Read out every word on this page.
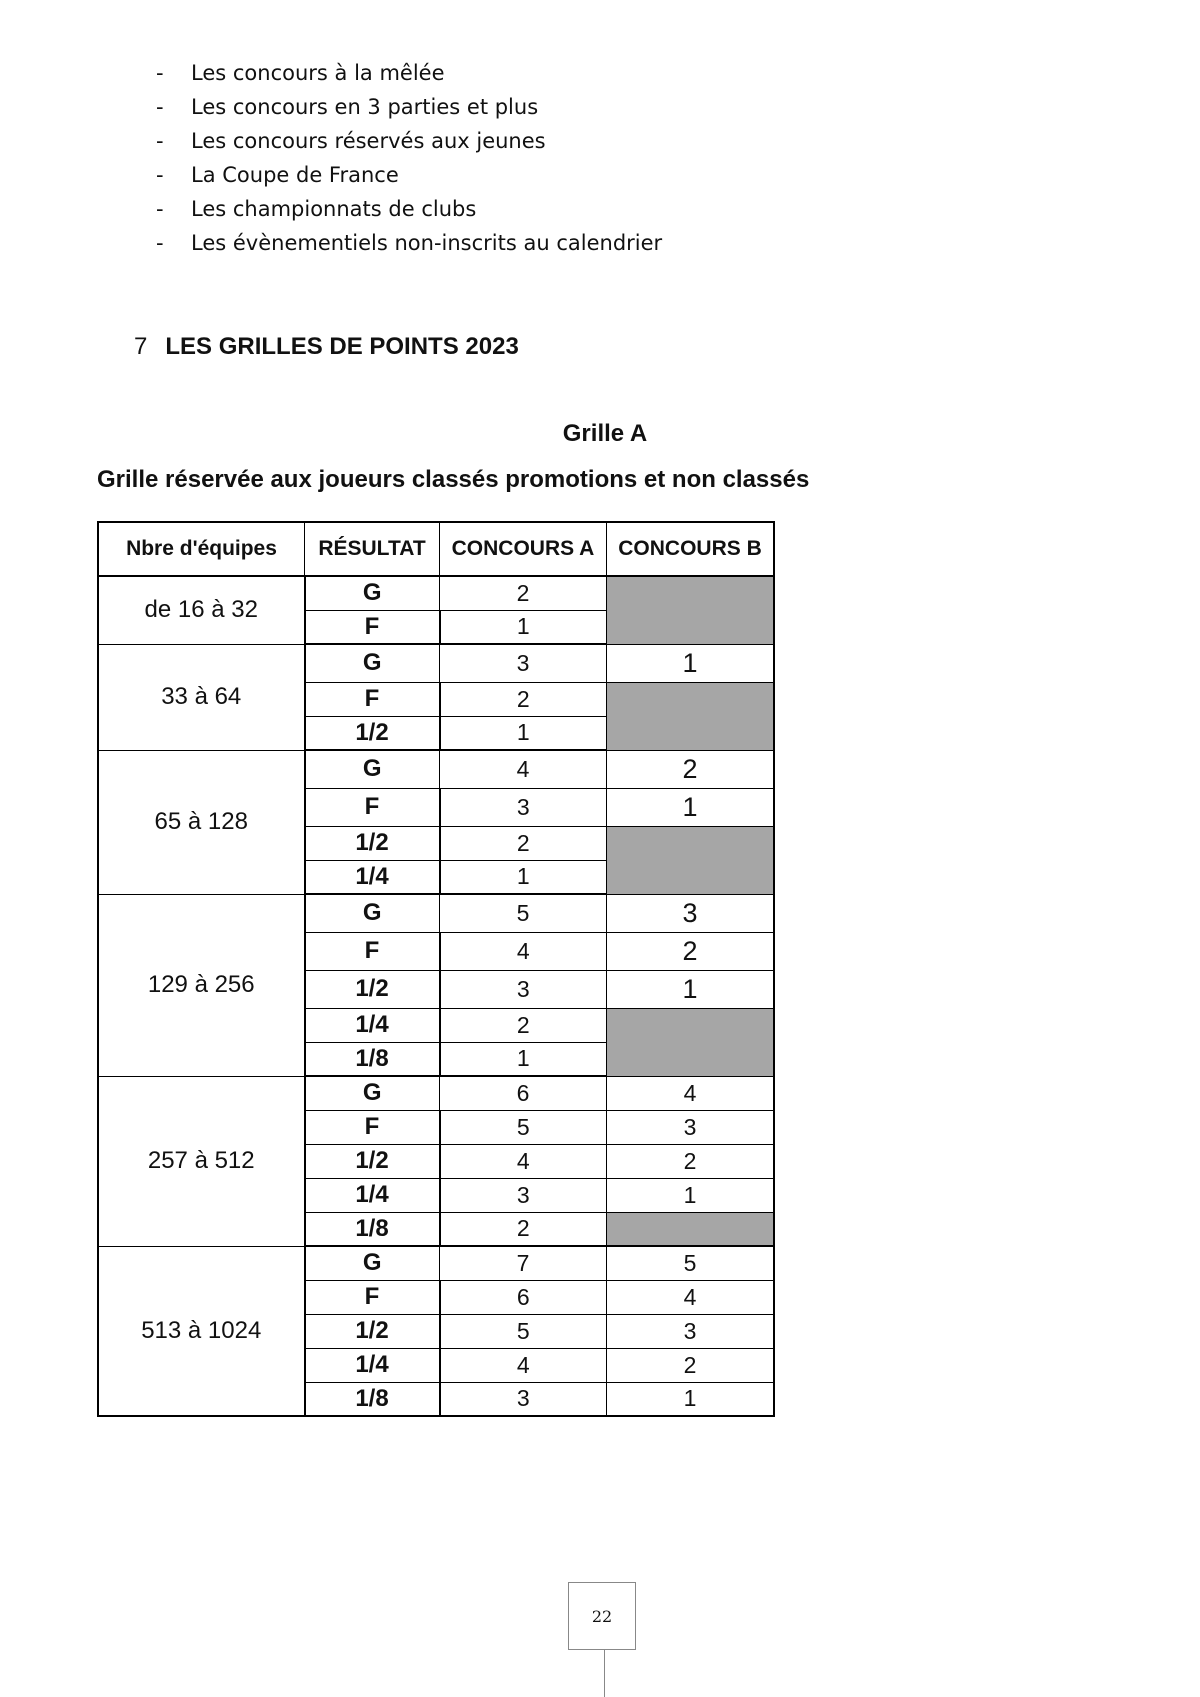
- Les concours à la mêlée
- Les concours en 3 parties et plus
- Les concours réservés aux jeunes
- La Coupe de France
- Les championnats de clubs
- Les évènementiels non-inscrits au calendrier
7 LES GRILLES DE POINTS 2023
Grille A
Grille réservée aux joueurs classés promotions et non classés
Nbre d'équipes	RÉSULTAT	CONCOURS A	CONCOURS B
de 16 à 32	G	2	
	F	1	
33 à 64	G	3	1
	F	2	
	1/2	1	
65 à 128	G	4	2
	F	3	1
	1/2	2	
	1/4	1	
129 à 256	G	5	3
	F	4	2
	1/2	3	1
	1/4	2	
	1/8	1	
257 à 512	G	6	4
	F	5	3
	1/2	4	2
	1/4	3	1
	1/8	2	
513 à 1024	G	7	5
	F	6	4
	1/2	5	3
	1/4	4	2
	1/8	3	1
22
